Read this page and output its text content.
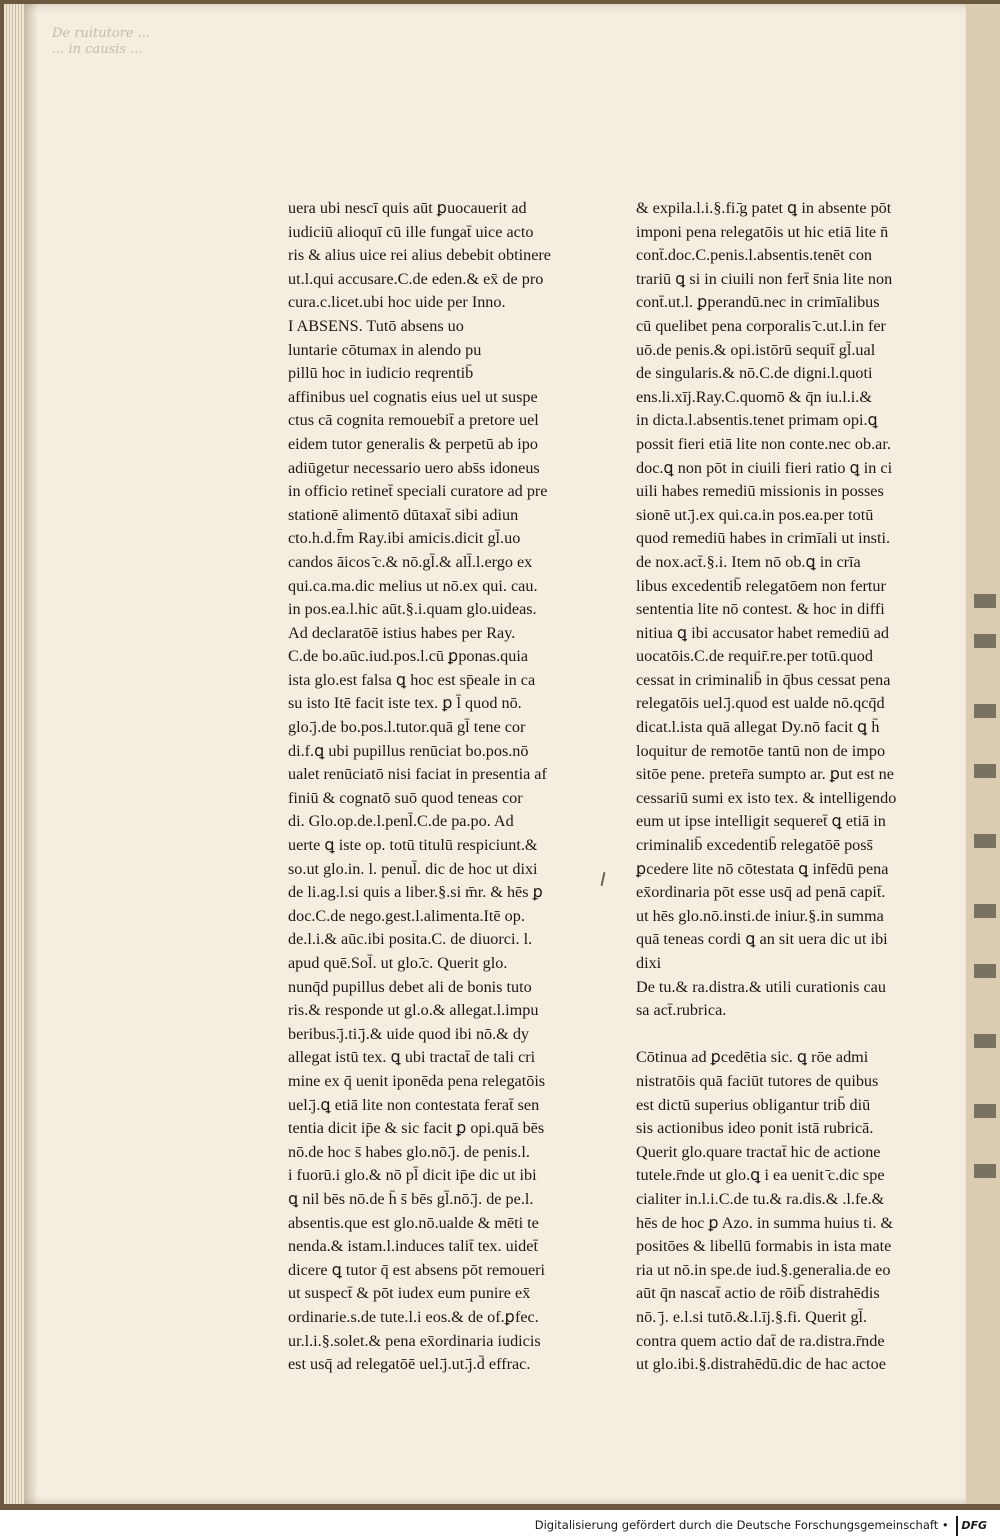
De ruitutore ...
... in causis ...
uera ubi nescī quis aūt ꝑuocauerit ad
iudiciū alioquī cū ille fungat̄ uice acto
ris & alius uice rei alius debebit obtinere
ut.l.qui accusare.C.de eden.& ex̄ de pro
cura.c.licet.ubi hoc uide per Inno.
I ABSENS. Tutō absens uo
luntarie cōtumax in alendo pu
pillū hoc in iudicio reqrentib̄
affinibus uel cognatis eius uel ut suspe
ctus cā cognita remouebit̄ a pretore uel
eidem tutor generalis & perpetū ab ipo
adiūgetur necessario uero abs̄s idoneus
in officio retinet̄ speciali curatore ad pre
stationē alimentō dūtaxat̄ sibi adiun
cto.h.d.f̄m Ray.ibi amicis.dicit gl̄.uo
candos āicos ̄c.& nō.gl̄.& all̄.l.ergo ex
qui.ca.ma.dic melius ut nō.ex qui. cau.
in pos.ea.l.hic aūt.§.i.quam glo.uideas.
Ad declaratōē istius habes per Ray.
C.de bo.aūc.iud.pos.l.cū ꝑponas.quia
ista glo.est falsa ꝗ hoc est sp̄eale in ca
su isto Itē facit iste tex. ꝑ l̄ quod nō.
glo.̄j.de bo.pos.l.tutor.quā gl̄ tene cor
di.f.ꝗ ubi pupillus renūciat bo.pos.nō
ualet renūciatō nisi faciat in presentia af
finiū & cognatō suō quod teneas cor
di. Glo.op.de.l.penl̄.C.de pa.po. Ad
uerte ꝗ iste op. totū titulū respiciunt.&
so.ut glo.in. l. penul̄. dic de hoc ut dixi
de li.ag.l.si quis a liber.§.si m̄r. & hēs ꝑ
doc.C.de nego.gest.l.alimenta.Itē op.
de.l.i.& aūc.ibi posita.C. de diuorci. l.
apud quē.Sol̄. ut glo.̄c. Querit glo.
nunq̄d pupillus debet ali de bonis tuto
ris.& responde ut gl.o.& allegat.l.impu
beribus.̄j.ti.̄j.& uide quod ibi nō.& dy
allegat istū tex. ꝗ ubi tractat̄ de tali cri
mine ex q̄ uenit iponēda pena relegatōis
uel.̄j.ꝗ etiā lite non contestata ferat̄ sen
tentia dicit ip̄e & sic facit ꝑ opi.quā bēs
nō.de hoc s̄ habes glo.nō.̄j. de penis.l.
i fuorū.i glo.& nō pl̄ dicit ip̄e dic ut ibi
ꝗ nil bēs nō.de h̄ s̄ bēs gl̄.nō.̄j. de pe.l.
absentis.que est glo.nō.ualde & mēti te
nenda.& istam.l.induces talit̄ tex. uidet̄
dicere ꝗ tutor q̄ est absens pōt remoueri
ut suspect̄ & pōt iudex eum punire ex̄
ordinarie.s.de tute.l.i eos.& de of.ꝑfec.
ur.l.i.§.solet.& pena ex̄ordinaria iudicis
est usq̄ ad relegatōē uel.̄j.ut.̄j.d̄ effrac.
& expila.l.i.§.fi.̄g patet ꝗ in absente pōt
imponi pena relegatōis ut hic etiā lite n̄
cont̄.doc.C.penis.l.absentis.tenēt con
trariū ꝗ si in ciuili non fert̄ s̄nia lite non
cont̄.ut.l. ꝑperandū.nec in crimīalibus
cū quelibet pena corporalis ̄c.ut.l.in fer
uō.de penis.& opi.istōrū sequit̄ gl̄.ual
de singularis.& nō.C.de digni.l.quoti
ens.li.xīj.Ray.C.quomō & q̄n iu.l.i.&
in dicta.l.absentis.tenet primam opi.ꝗ
possit fieri etiā lite non conte.nec ob.ar.
doc.ꝗ non pōt in ciuili fieri ratio ꝗ in ci
uili habes remediū missionis in posses
sionē ut.̄j.ex qui.ca.in pos.ea.per totū
quod remediū habes in crimīali ut insti.
de nox.act̄.§.i. Item nō ob.ꝗ in crīa
libus excedentib̄ relegatōem non fertur
sententia lite nō contest. & hoc in diffi
nitiua ꝗ ibi accusator habet remediū ad
uocatōis.C.de requir̄.re.per totū.quod
cessat in criminalib̄ in q̄bus cessat pena
relegatōis uel.̄j.quod est ualde nō.qcq̄d
dicat.l.ista quā allegat Dy.nō facit ꝗ h̄
loquitur de remotōe tantū non de impo
sitōe pene. preter̄a sumpto ar. ꝑut est ne
cessariū sumi ex isto tex. & intelligendo
eum ut ipse intelligit sequeret̄ ꝗ etiā in
criminalib̄ excedentib̄ relegatōē poss̄
ꝑcedere lite nō cōtestata ꝗ infēdū pena
ex̄ordinaria pōt esse usq̄ ad penā capit̄.
ut hēs glo.nō.insti.de iniur.§.in summa
quā teneas cordi ꝗ an sit uera dic ut ibi
dixi
De tu.& ra.distra.& utili curationis cau
sa act̄.rubrica.

Cōtinua ad ꝑcedētia sic. ꝗ rōe admi
nistratōis quā faciūt tutores de quibus
est dictū superius obligantur trib̄ diū
sis actionibus ideo ponit istā rubricā.
Querit glo.quare tractat̄ hic de actione
tutele.r̄nde ut glo.ꝗ i ea uenit ̄c.dic spe
cialiter in.l.i.C.de tu.& ra.dis.& .l.fe.&
hēs de hoc ꝑ Azo. in summa huius ti. &
positōes & libellū formabis in ista mate
ria ut nō.in spe.de iud.§.generalia.de eo
aūt q̄n nascat̄ actio de rōib̄ distrahēdis
nō. ̄j. e.l.si tutō.&.l.īj.§.fi. Querit gl̄.
contra quem actio dat̄ de ra.distra.r̄nde
ut glo.ibi.§.distrahēdū.dic de hac actoe
Digitalisierung gefördert durch die Deutsche Forschungsgemeinschaft • DFG
